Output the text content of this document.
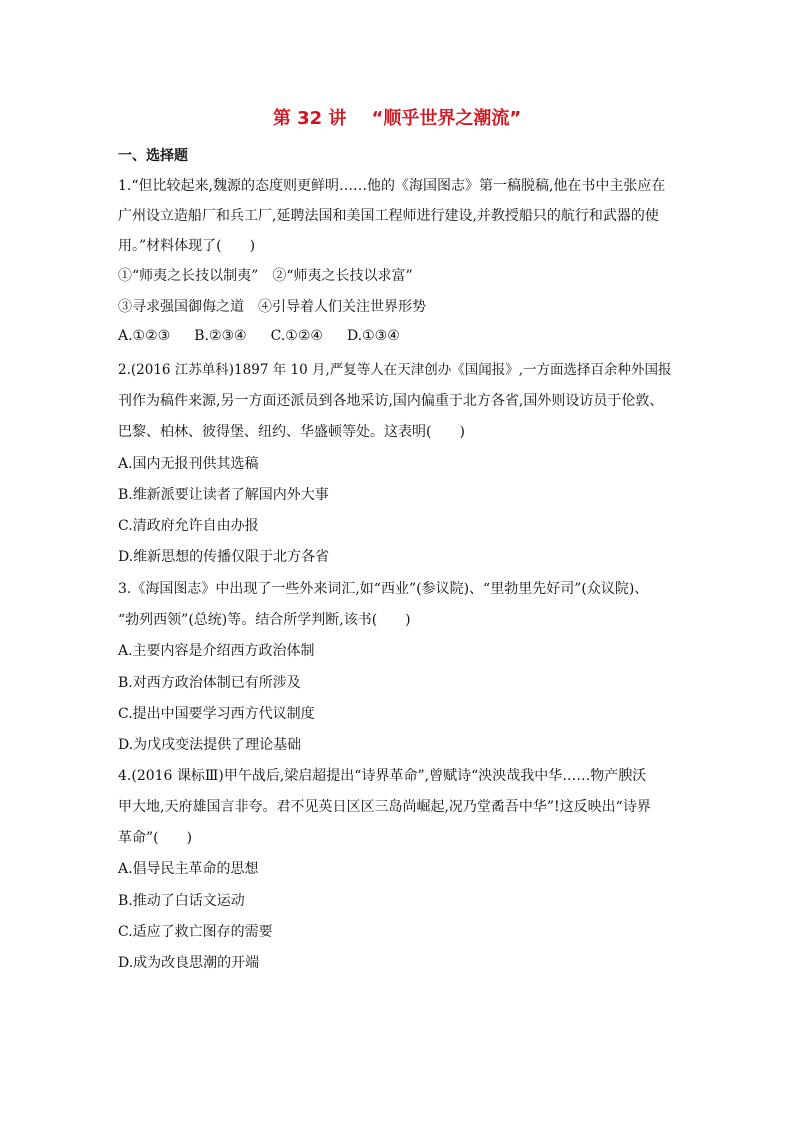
第 32 讲    “顺乎世界之潮流”
一、选择题
1.“但比较起来,魏源的态度则更鲜明……他的《海国图志》第一稿脱稿,他在书中主张应在
广州设立造船厂和兵工厂,延聘法国和美国工程师进行建设,并教授船只的航行和武器的使
用。”材料体现了(　　)
①“师夷之长技以制夷”　②“师夷之长技以求富”
③寻求强国御侮之道　④引导着人们关注世界形势
A.①②③ B.②③④ C.①②④ D.①③④
2.(2016 江苏单科)1897 年 10 月,严复等人在天津创办《国闻报》,一方面选择百余种外国报
刊作为稿件来源,另一方面还派员到各地采访,国内偏重于北方各省,国外则设访员于伦敦、
巴黎、柏林、彼得堡、纽约、华盛顿等处。这表明(　　)
A.国内无报刊供其选稿
B.维新派要让读者了解国内外大事
C.清政府允许自由办报
D.维新思想的传播仅限于北方各省
3.《海国图志》中出现了一些外来词汇,如“西业”(参议院)、“里勃里先好司”(众议院)、
“勃列西领”(总统)等。结合所学判断,该书(　　)
A.主要内容是介绍西方政治体制
B.对西方政治体制已有所涉及
C.提出中国要学习西方代议制度
D.为戊戌变法提供了理论基础
4.(2016 课标Ⅲ)甲午战后,梁启超提出“诗界革命”,曾赋诗“泱泱哉我中华……物产腴沃
甲大地,天府雄国言非夸。君不见英日区区三岛尚崛起,况乃堂矞吾中华”!这反映出“诗界
革命”(　　)
A.倡导民主革命的思想
B.推动了白话文运动
C.适应了救亡图存的需要
D.成为改良思潮的开端
